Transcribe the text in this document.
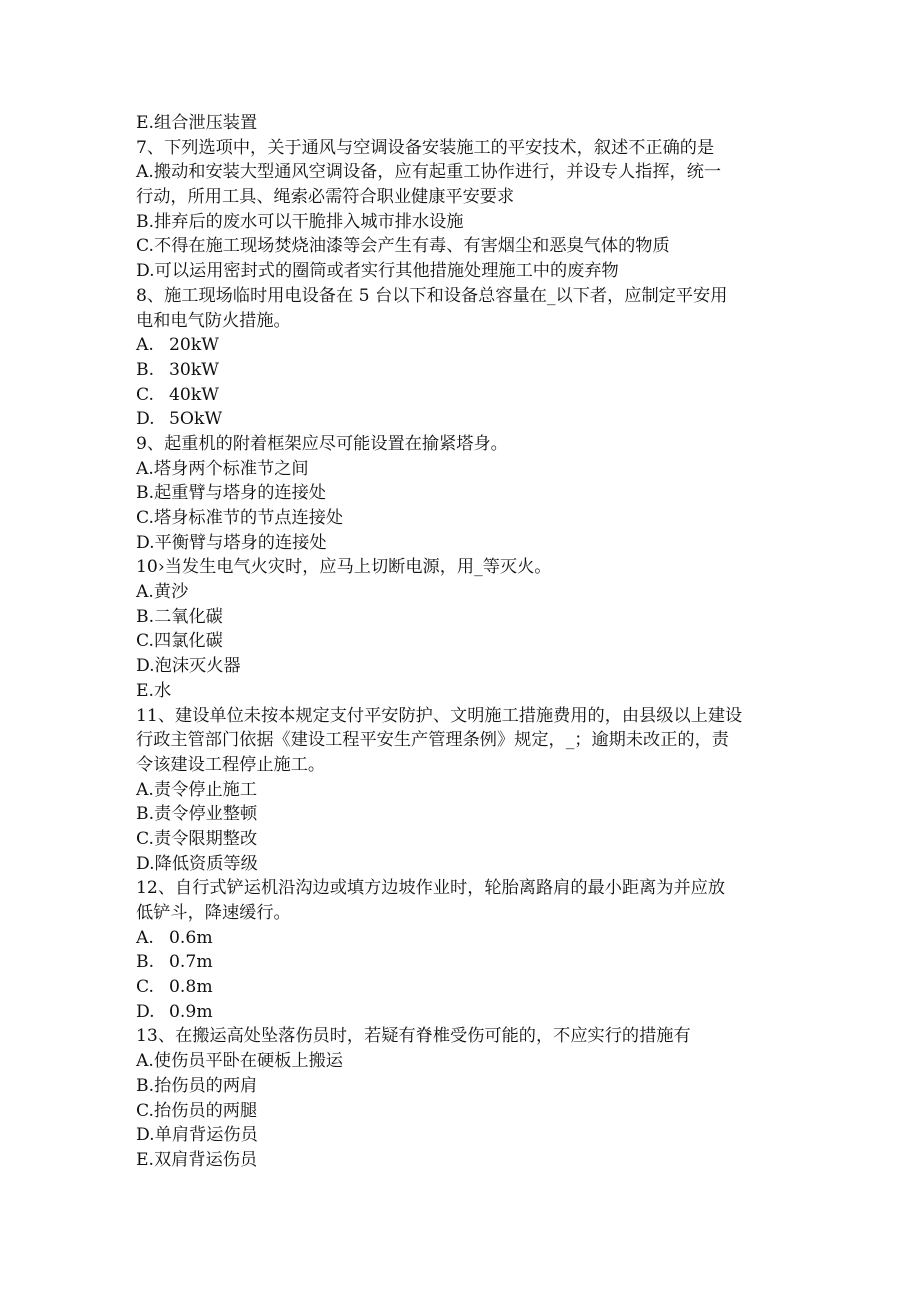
E.组合泄压装置
7、下列选项中，关于通风与空调设备安装施工的平安技术，叙述不正确的是
A.搬动和安装大型通风空调设备，应有起重工协作进行，并设专人指挥，统一
行动，所用工具、绳索必需符合职业健康平安要求
B.排弃后的废水可以干脆排入城市排水设施
C.不得在施工现场焚烧油漆等会产生有毒、有害烟尘和恶臭气体的物质
D.可以运用密封式的圈筒或者实行其他措施处理施工中的废弃物
8、施工现场临时用电设备在 5 台以下和设备总容量在_以下者，应制定平安用
电和电气防火措施。
A. 20kW
B. 30kW
C. 40kW
D. 5OkW
9、起重机的附着框架应尽可能设置在揄紧塔身。
A.塔身两个标准节之间
B.起重臂与塔身的连接处
C.塔身标准节的节点连接处
D.平衡臂与塔身的连接处
10›当发生电气火灾时，应马上切断电源，用_等灭火。
A.黄沙
B.二氧化碳
C.四氯化碳
D.泡沫灭火器
E.水
11、建设单位未按本规定支付平安防护、文明施工措施费用的，由县级以上建设
行政主管部门依据《建设工程平安生产管理条例》规定，_；逾期未改正的，责
令该建设工程停止施工。
A.责令停止施工
B.责令停业整顿
C.责令限期整改
D.降低资质等级
12、自行式铲运机沿沟边或填方边坡作业时，轮胎离路肩的最小距离为并应放
低铲斗，降速缓行。
A. 0.6m
B. 0.7m
C. 0.8m
D. 0.9m
13、在搬运高处坠落伤员时，若疑有脊椎受伤可能的，不应实行的措施有
A.使伤员平卧在硬板上搬运
B.抬伤员的两肩
C.抬伤员的两腿
D.单肩背运伤员
E.双肩背运伤员
